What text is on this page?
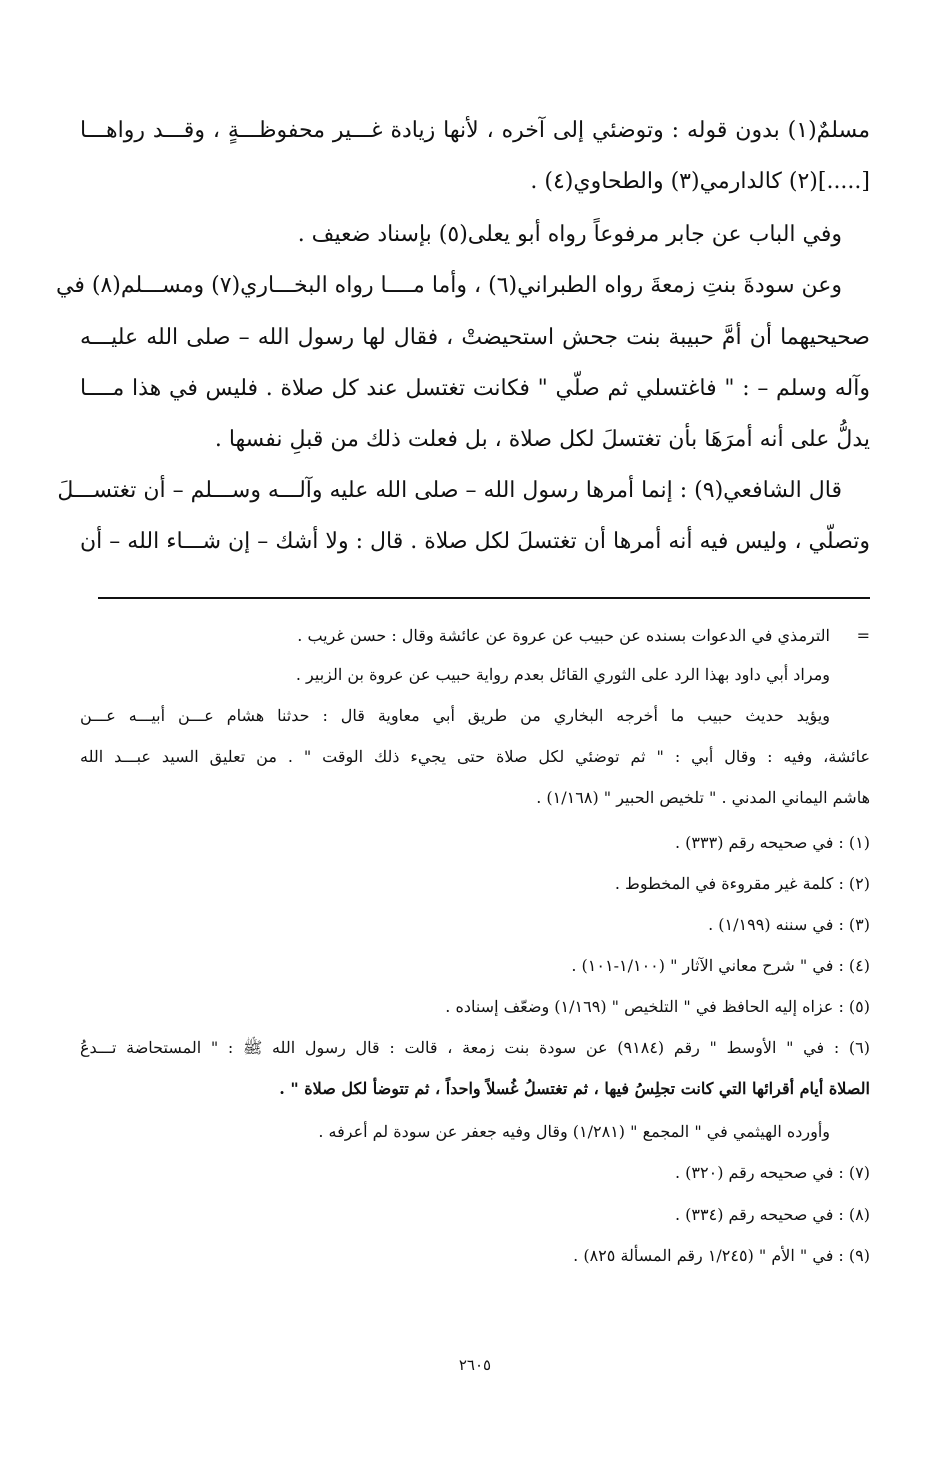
مسلمٌ(١) بدون قوله : وتوضئي إلى آخره ، لأنها زيادة غـــير محفوظـــةٍ ، وقـــد رواهـــا
[.....](٢) كالدارمي(٣) والطحاوي(٤) .
وفي الباب عن جابر مرفوعاً رواه أبو يعلى(٥) بإسناد ضعيف .
وعن سودةَ بنتِ زمعةَ رواه الطبراني(٦) ، وأما مــــا رواه البخـــاري(٧) ومســـلم(٨) في
صحيحيهما أن أمَّ حبيبة بنت جحش استحيضتْ ، فقال لها رسول الله – صلى الله عليـــه
وآله وسلم – : " فاغتسلي ثم صلّي " فكانت تغتسل عند كل صلاة . فليس في هذا مــــا
يدلُّ على أنه أمرَهَا بأن تغتسلَ لكل صلاة ، بل فعلت ذلك من قبلِ نفسها .
قال الشافعي(٩) : إنما أمرها رسول الله – صلى الله عليه وآلـــه وســـلم – أن تغتســـلَ
وتصلّي ، وليس فيه أنه أمرها أن تغتسلَ لكل صلاة . قال : ولا أشك – إن شـــاء الله – أن
=الترمذي في الدعوات بسنده عن حبيب عن عروة عن عائشة وقال : حسن غريب .
ومراد أبي داود بهذا الرد على الثوري القائل بعدم رواية حبيب عن عروة بن الزبير .
ويؤيد حديث حبيب ما أخرجه البخاري من طريق أبي معاوية قال : حدثنا هشام عـــن أبيـــه عـــن
عائشة، وفيه : وقال أبي : " ثم توضئي لكل صلاة حتى يجيء ذلك الوقت " . من تعليق السيد عبـــد الله
هاشم اليماني المدني . " تلخيص الحبير " (١/١٦٨) .
(١) : في صحيحه رقم (٣٣٣) .
(٢) : كلمة غير مقروءة في المخطوط .
(٣) : في سننه (١/١٩٩) .
(٤) : في " شرح معاني الآثار " (١/١٠٠-١٠١) .
(٥) : عزاه إليه الحافظ في " التلخيص " (١/١٦٩) وضعّف إسناده .
(٦) : في " الأوسط " رقم (٩١٨٤) عن سودة بنت زمعة ، قالت : قال رسول الله ﷺ : " المستحاضة تـــدعُ
الصلاة أيام أقرائها التي كانت تجلِسُ فيها ، ثم تغتسلُ غُسلاً واحداً ، ثم تتوضأ لكل صلاة " .
وأورده الهيثمي في " المجمع " (١/٢٨١) وقال وفيه جعفر عن سودة لم أعرفه .
(٧) : في صحيحه رقم (٣٢٠) .
(٨) : في صحيحه رقم (٣٣٤) .
(٩) : في " الأم " (١/٢٤٥ رقم المسألة ٨٢٥) .
٢٦٠٥
